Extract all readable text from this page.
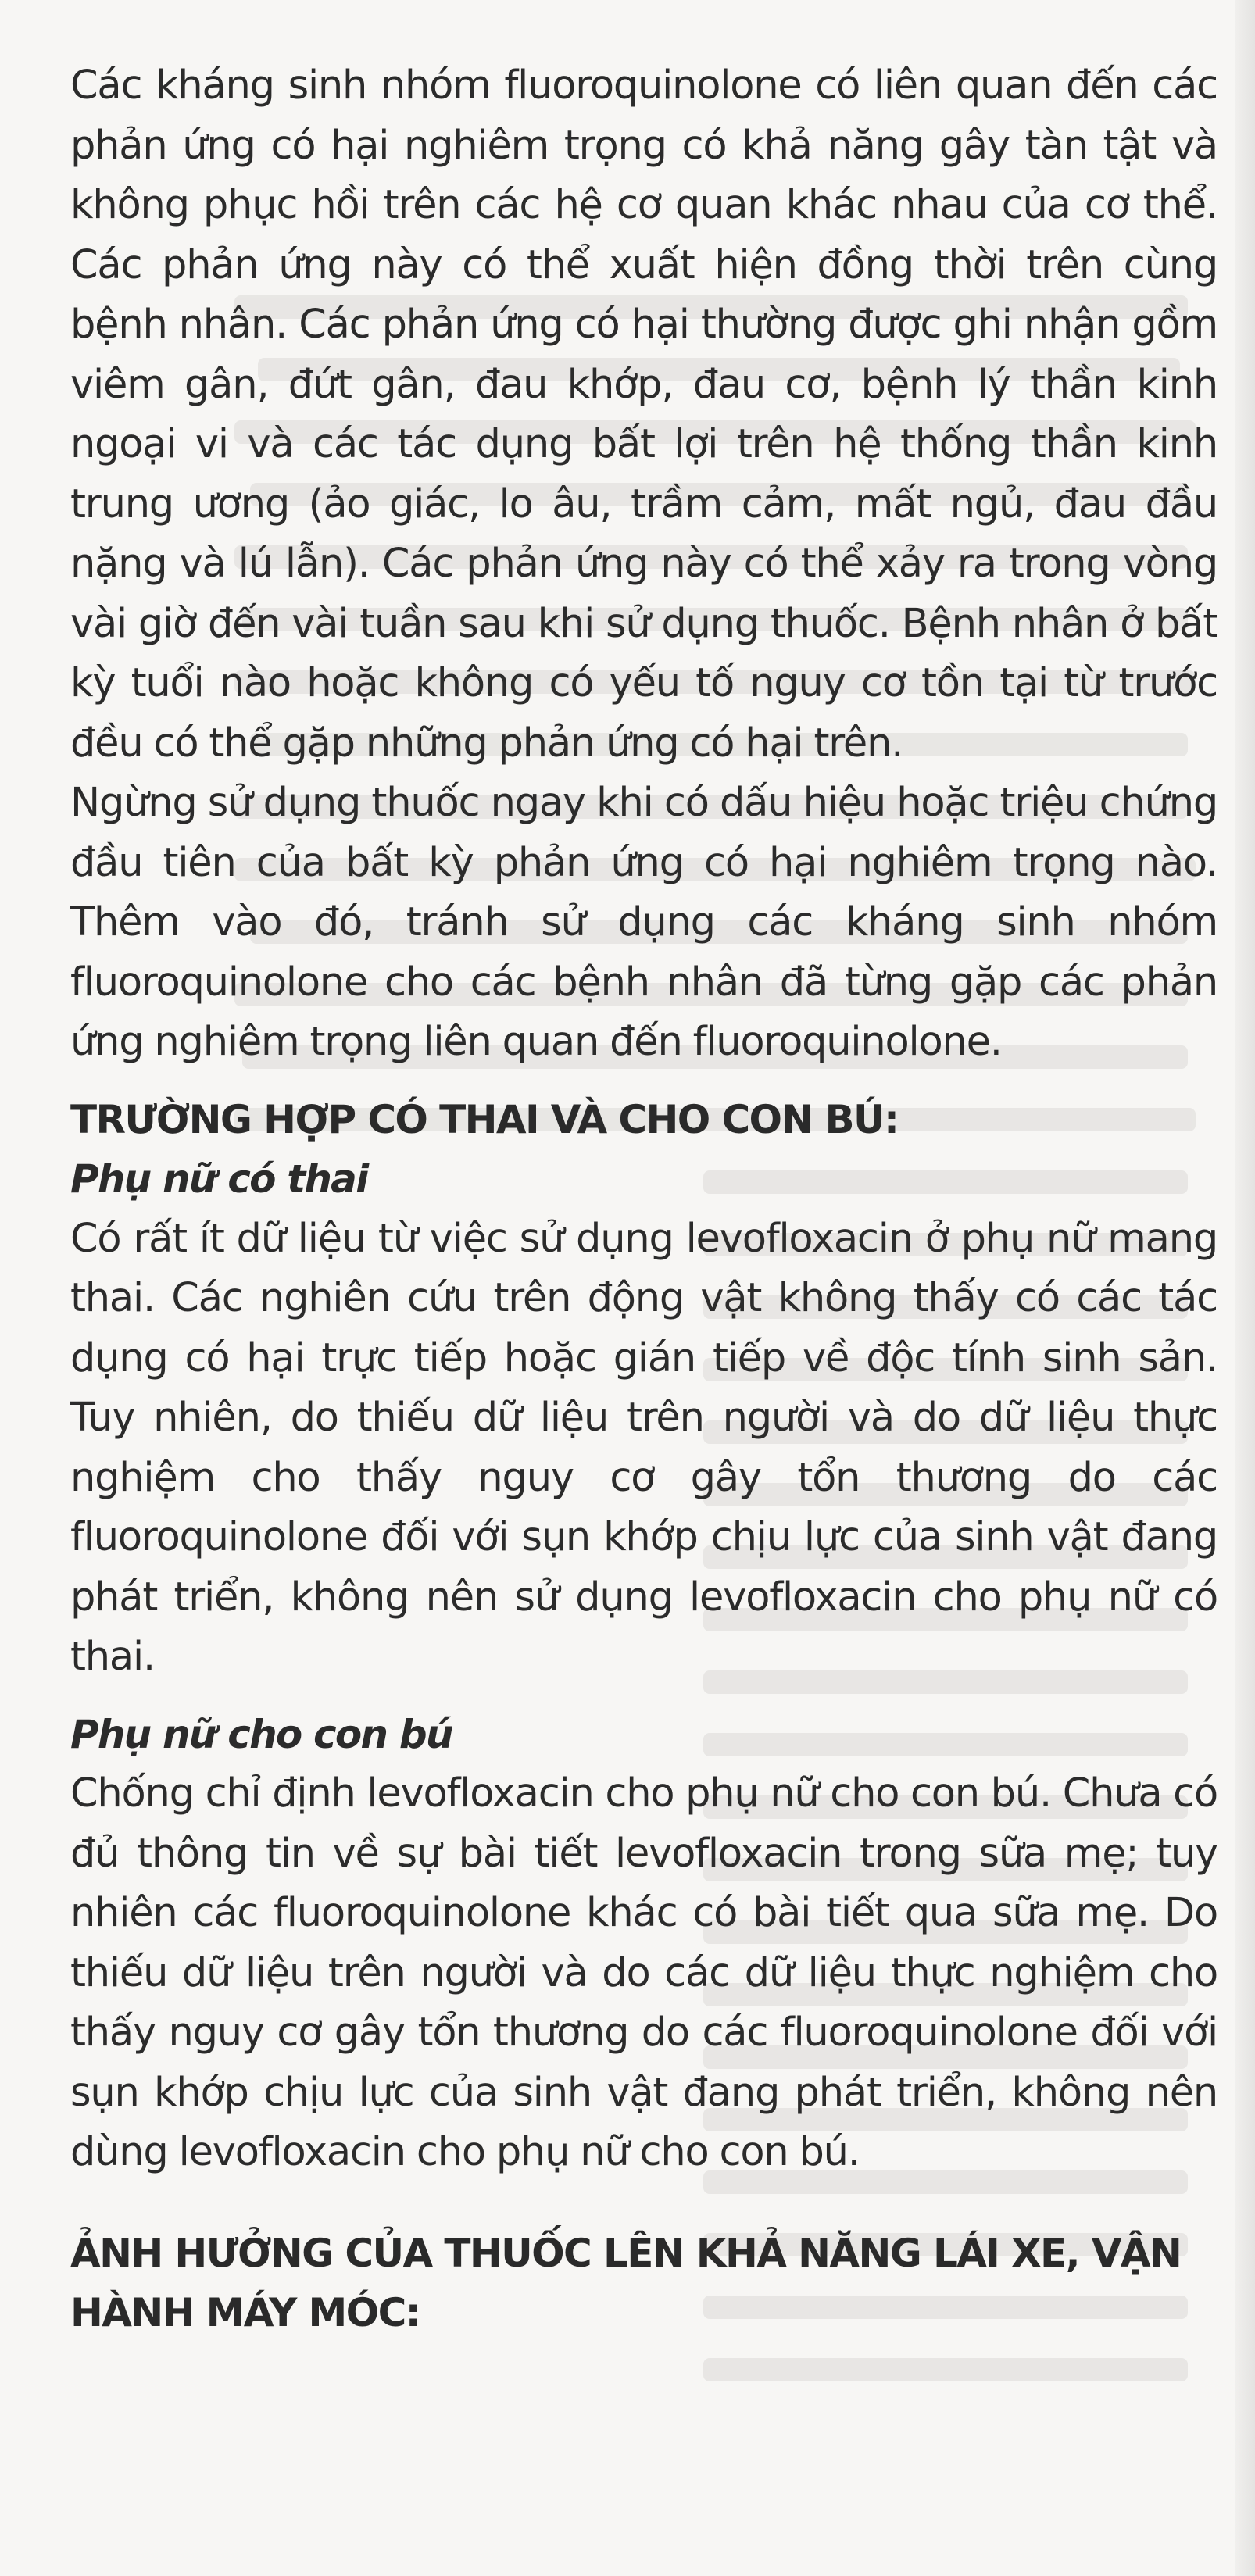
Các kháng sinh nhóm fluoroquinolone có liên quan đến các phản ứng có hại nghiêm trọng có khả năng gây tàn tật và không phục hồi trên các hệ cơ quan khác nhau của cơ thể. Các phản ứng này có thể xuất hiện đồng thời trên cùng bệnh nhân. Các phản ứng có hại thường được ghi nhận gồm viêm gân, đứt gân, đau khớp, đau cơ, bệnh lý thần kinh ngoại vi và các tác dụng bất lợi trên hệ thống thần kinh trung ương (ảo giác, lo âu, trầm cảm, mất ngủ, đau đầu nặng và lú lẫn). Các phản ứng này có thể xảy ra trong vòng vài giờ đến vài tuần sau khi sử dụng thuốc. Bệnh nhân ở bất kỳ tuổi nào hoặc không có yếu tố nguy cơ tồn tại từ trước đều có thể gặp những phản ứng có hại trên.

Ngừng sử dụng thuốc ngay khi có dấu hiệu hoặc triệu chứng đầu tiên của bất kỳ phản ứng có hại nghiêm trọng nào. Thêm vào đó, tránh sử dụng các kháng sinh nhóm fluoroquinolone cho các bệnh nhân đã từng gặp các phản ứng nghiêm trọng liên quan đến fluoroquinolone.

TRƯỜNG HỢP CÓ THAI VÀ CHO CON BÚ:
Phụ nữ có thai

Có rất ít dữ liệu từ việc sử dụng levofloxacin ở phụ nữ mang thai. Các nghiên cứu trên động vật không thấy có các tác dụng có hại trực tiếp hoặc gián tiếp về độc tính sinh sản. Tuy nhiên, do thiếu dữ liệu trên người và do dữ liệu thực nghiệm cho thấy nguy cơ gây tổn thương do các fluoroquinolone đối với sụn khớp chịu lực của sinh vật đang phát triển, không nên sử dụng levofloxacin cho phụ nữ có thai.

Phụ nữ cho con bú

Chống chỉ định levofloxacin cho phụ nữ cho con bú. Chưa có đủ thông tin về sự bài tiết levofloxacin trong sữa mẹ; tuy nhiên các fluoroquinolone khác có bài tiết qua sữa mẹ. Do thiếu dữ liệu trên người và do các dữ liệu thực nghiệm cho thấy nguy cơ gây tổn thương do các fluoroquinolone đối với sụn khớp chịu lực của sinh vật đang phát triển, không nên dùng levofloxacin cho phụ nữ cho con bú.

ẢNH HƯỞNG CỦA THUỐC LÊN KHẢ NĂNG LÁI XE, VẬN HÀNH MÁY MÓC:
